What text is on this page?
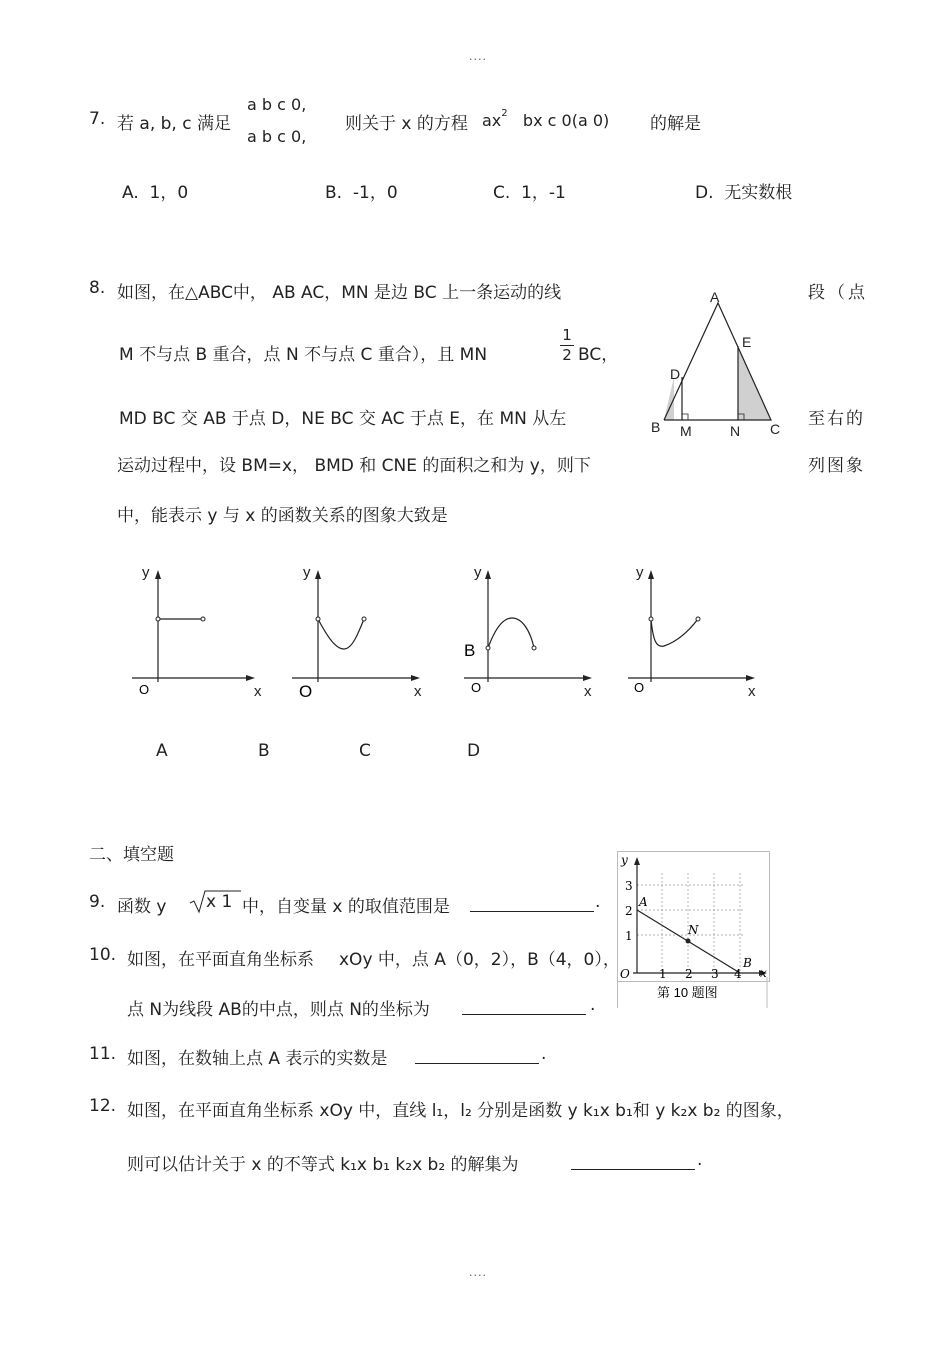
....
....
7. 若 a, b, c 满足
a b c 0,
a b c 0,
则关于 x 的方程 $ax^2$ bx c 0(a 0) 的解是
A. 1，0	B. -1，0	C. 1，-1	D. 无实数根
8. 如图，在△ABC中， AB AC，MN 是边 BC 上一条运动的线	段（点
M 不与点 B 重合，点 N 不与点 C 重合），且 MN	$\frac{1}{2}$ BC，
MD BC 交 AB 于点 D，NE BC 交 AC 于点 E，在 MN 从左	至右的
运动过程中，设 BM=x， BMD 和 CNE 的面积之和为 y，则下	列图象
中，能表示 y 与 x 的函数关系的图象大致是
A
E
D
B M	N C
y
x
O
y
x
O
y
x
O
B
y
x
O
A	B	C	D
二、填空题
9. 函数 y x 1 中，自变量 x 的取值范围是	.
10. 如图，在平面直角坐标系 xOy 中，点 A（0，2），B（4，0），
点 N为线段 AB的中点，则点 N的坐标为	.
y
x
O
1
2
3
1 2 3 4
A
N
B
第 10 题图
11. 如图，在数轴上点 A 表示的实数是	.
12. 如图，在平面直角坐标系 xOy 中，直线 l₁，l₂ 分别是函数 y k₁x b₁和 y k₂x b₂ 的图象，
则可以估计关于 x 的不等式 k₁x b₁ k₂x b₂ 的解集为	.
